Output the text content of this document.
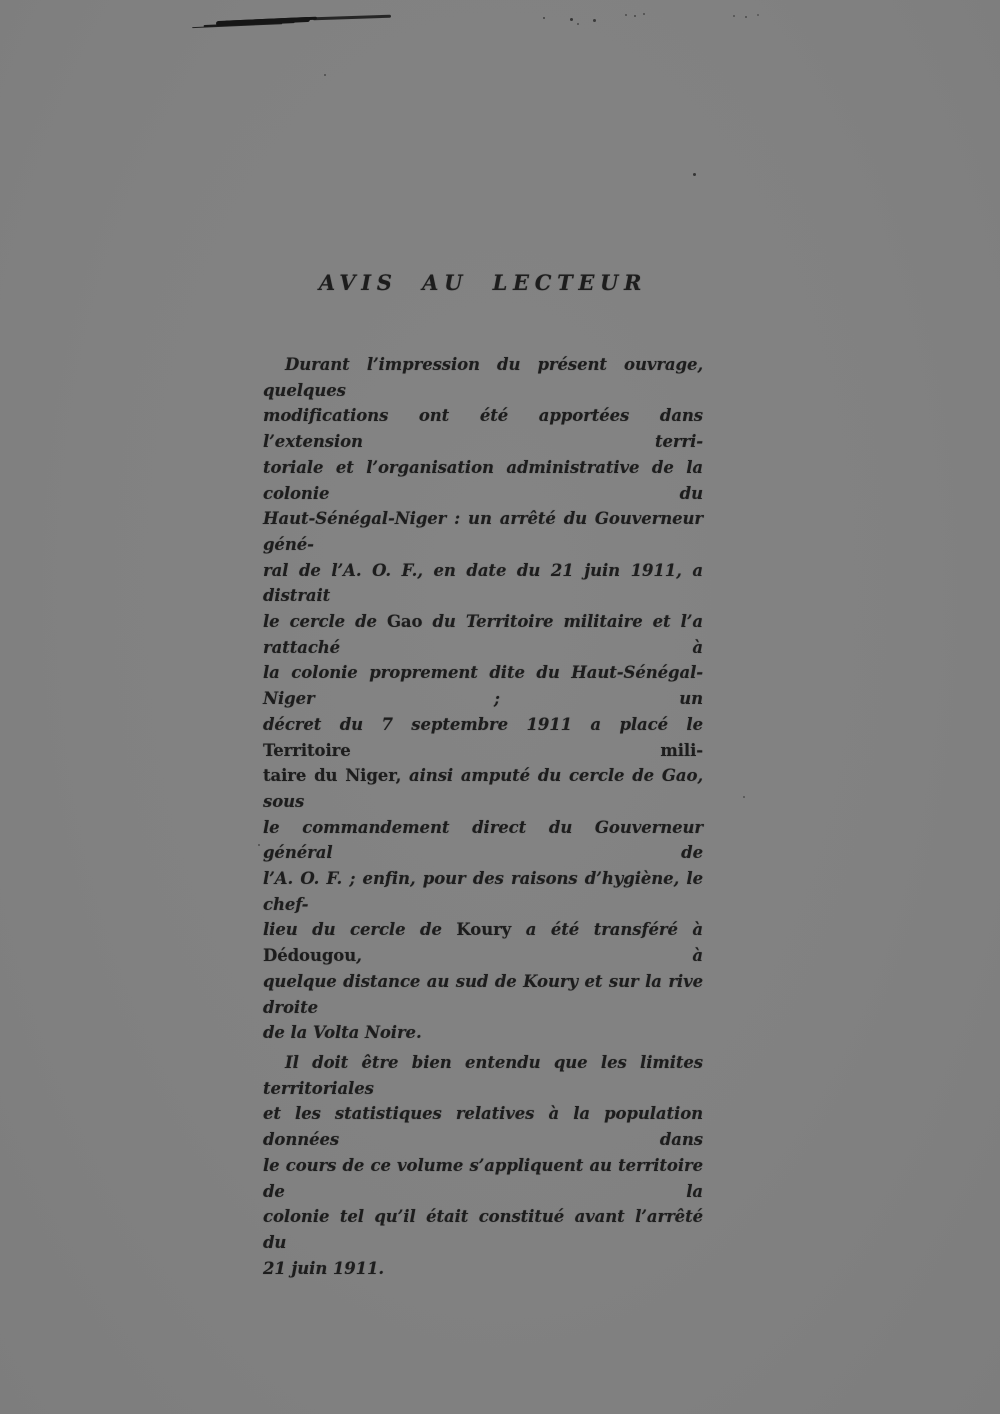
AVIS AU LECTEUR
Durant l’impression du présent ouvrage, quelques
modifications ont été apportées dans l’extension terri-
toriale et l’organisation administrative de la colonie du
Haut-Sénégal-Niger : un arrêté du Gouverneur géné-
ral de l’A. O. F., en date du 21 juin 1911, a distrait
le cercle de Gao du Territoire militaire et l’a rattaché à
la colonie proprement dite du Haut-Sénégal-Niger ; un
décret du 7 septembre 1911 a placé le Territoire mili-
taire du Niger, ainsi amputé du cercle de Gao, sous
le commandement direct du Gouverneur général de
l’A. O. F. ; enfin, pour des raisons d’hygiène, le chef-
lieu du cercle de Koury a été transféré à Dédougou, à
quelque distance au sud de Koury et sur la rive droite
de la Volta Noire.
Il doit être bien entendu que les limites territoriales
et les statistiques relatives à la population données dans
le cours de ce volume s’appliquent au territoire de la
colonie tel qu’il était constitué avant l’arrêté du
21 juin 1911.
